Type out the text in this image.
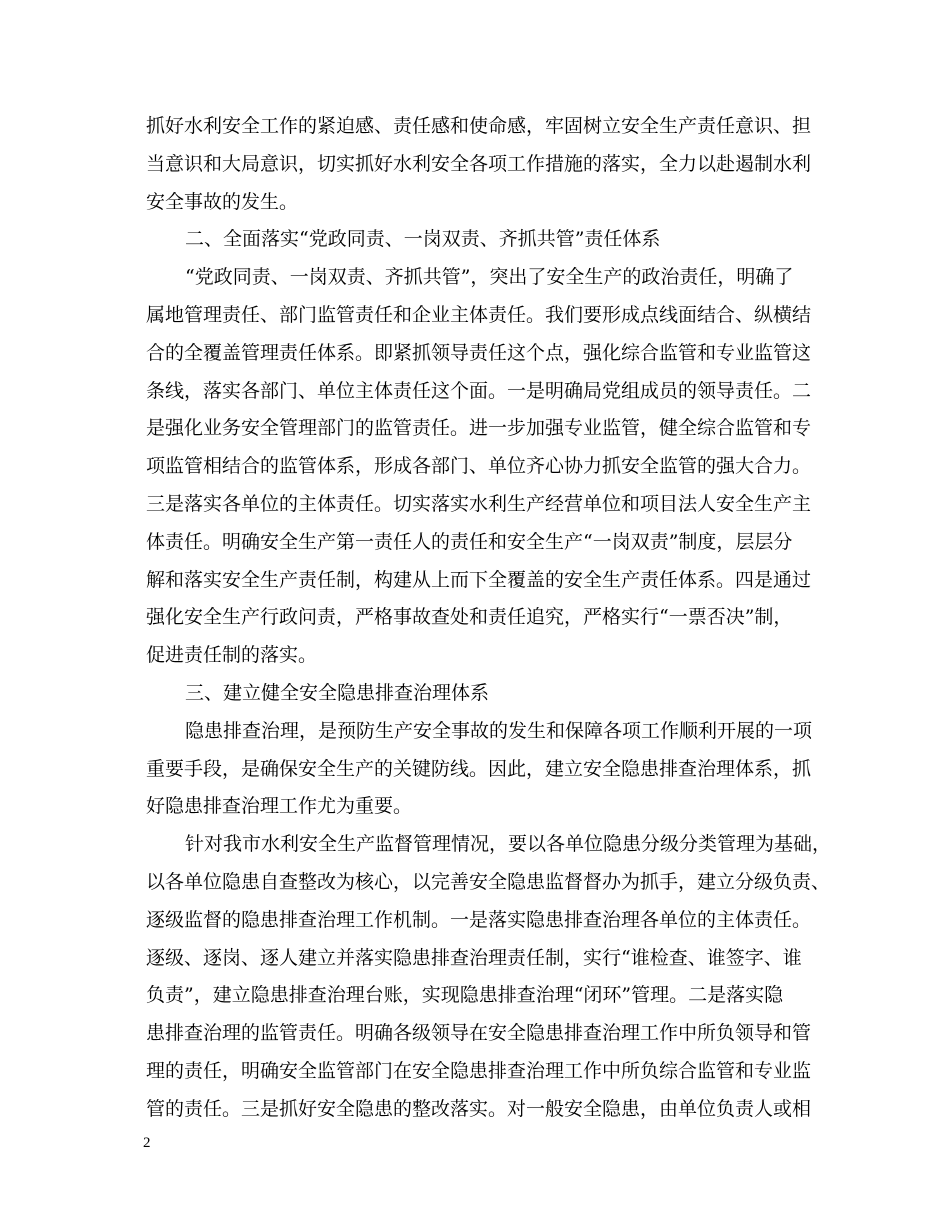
抓好水利安全工作的紧迫感、责任感和使命感，牢固树立安全生产责任意识、担
当意识和大局意识，切实抓好水利安全各项工作措施的落实，全力以赴遏制水利
安全事故的发生。
二、全面落实“党政同责、一岗双责、齐抓共管”责任体系
“党政同责、一岗双责、齐抓共管”，突出了安全生产的政治责任，明确了
属地管理责任、部门监管责任和企业主体责任。我们要形成点线面结合、纵横结
合的全覆盖管理责任体系。即紧抓领导责任这个点，强化综合监管和专业监管这
条线，落实各部门、单位主体责任这个面。一是明确局党组成员的领导责任。二
是强化业务安全管理部门的监管责任。进一步加强专业监管，健全综合监管和专
项监管相结合的监管体系，形成各部门、单位齐心协力抓安全监管的强大合力。
三是落实各单位的主体责任。切实落实水利生产经营单位和项目法人安全生产主
体责任。明确安全生产第一责任人的责任和安全生产“一岗双责”制度，层层分
解和落实安全生产责任制，构建从上而下全覆盖的安全生产责任体系。四是通过
强化安全生产行政问责，严格事故查处和责任追究，严格实行“一票否决”制，
促进责任制的落实。
三、建立健全安全隐患排查治理体系
隐患排查治理，是预防生产安全事故的发生和保障各项工作顺利开展的一项
重要手段，是确保安全生产的关键防线。因此，建立安全隐患排查治理体系，抓
好隐患排查治理工作尤为重要。
针对我市水利安全生产监督管理情况，要以各单位隐患分级分类管理为基础，
以各单位隐患自查整改为核心，以完善安全隐患监督督办为抓手，建立分级负责、
逐级监督的隐患排查治理工作机制。一是落实隐患排查治理各单位的主体责任。
逐级、逐岗、逐人建立并落实隐患排查治理责任制，实行“谁检查、谁签字、谁
负责”，建立隐患排查治理台账，实现隐患排查治理“闭环”管理。二是落实隐
患排查治理的监管责任。明确各级领导在安全隐患排查治理工作中所负领导和管
理的责任，明确安全监管部门在安全隐患排查治理工作中所负综合监管和专业监
管的责任。三是抓好安全隐患的整改落实。对一般安全隐患，由单位负责人或相
2
